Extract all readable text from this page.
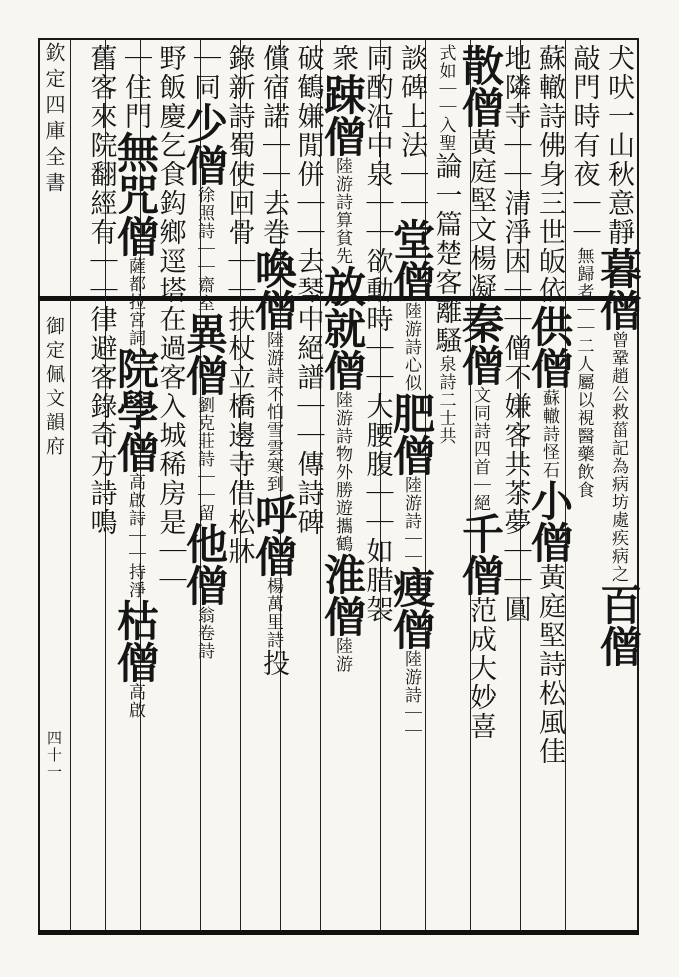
欽定四庫全書
御定佩文韻府
四十一
犬吠一山秋意靜暮僧曾鞏趙公救菑記為病坊處疾病之百僧
敲門時有夜｜｜無歸者｜｜二人屬以視醫藥飲食
蘇轍詩佛身三世皈依供僧蘇轍詩怪石小僧黃庭堅詩松風佳
地隣寺｜｜清淨因｜｜僧不嫌客共茶夢｜｜圓
散僧黃庭堅文楊凝秦僧文同詩四首｜絕千僧范成大妙喜
式如｜｜入聖論一篇楚客離騷泉詩二士共
談碑上法｜｜堂僧陸游詩心似肥僧陸游詩｜｜瘦僧陸游詩｜｜
同酌沿中泉｜｜欲動時｜｜大腰腹｜｜如腊袈
衆踈僧陸游詩算貧先放就僧陸游詩物外勝遊攜鶴淮僧陸游
破鶴嫌閒併｜｜去琴中絕譜｜｜傳詩碑
償宿諾｜｜去巻喚僧陸游詩不怕雪雲寒到呼僧楊萬里詩投
錄新詩蜀使回骨｜｜扶杖立橋邊寺借松牀
｜同少僧徐照詩｜｜齋室異僧劉克莊詩｜｜留他僧翁卷詩
野飯慶乞食鈎鄉逕塔在過客入城稀房是｜｜
｜住門無咒僧薩都拉宮詞院學僧高啟詩｜｜持淨枯僧高啟
舊客來院翻經有｜｜律避客錄奇方詩鳴
